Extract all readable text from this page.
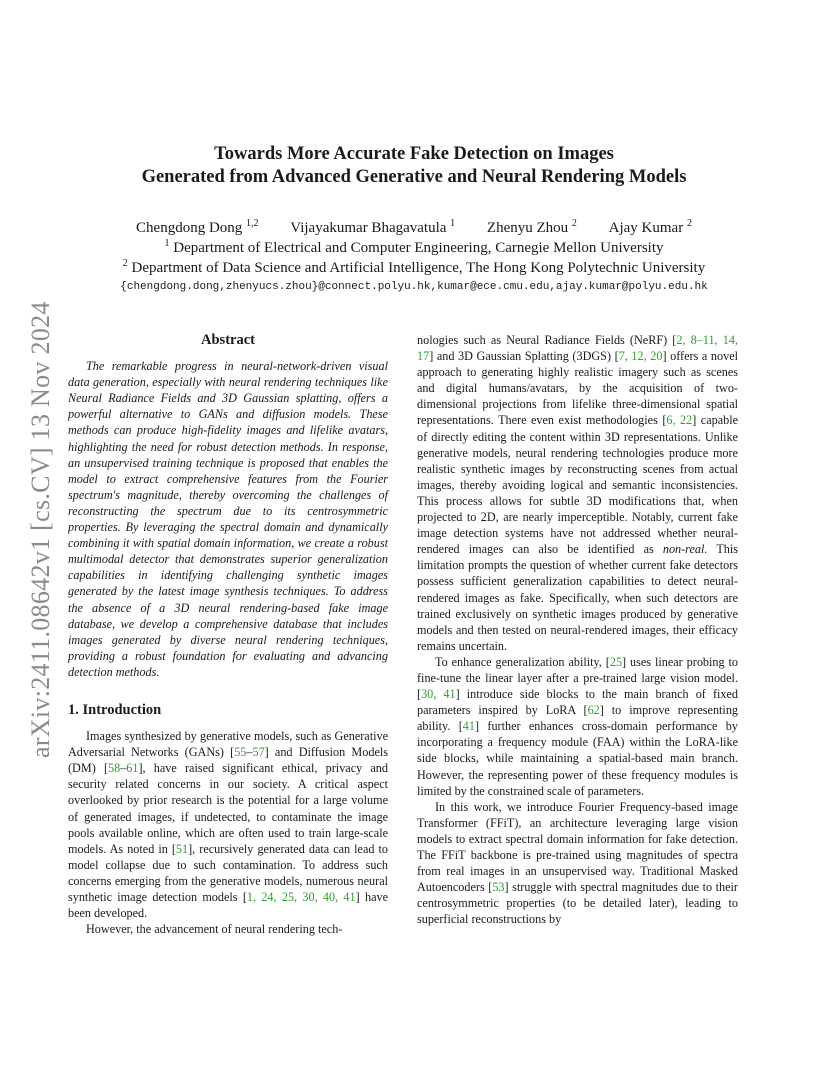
arXiv:2411.08642v1 [cs.CV] 13 Nov 2024
Towards More Accurate Fake Detection on Images
Generated from Advanced Generative and Neural Rendering Models
Chengdong Dong $^{1,2}$ Vijayakumar Bhagavatula $^1$ Zhenyu Zhou $^2$ Ajay Kumar $^2$
$^1$ Department of Electrical and Computer Engineering, Carnegie Mellon University
$^2$ Department of Data Science and Artificial Intelligence, The Hong Kong Polytechnic University
{chengdong.dong,zhenyucs.zhou}@connect.polyu.hk,kumar@ece.cmu.edu,ajay.kumar@polyu.edu.hk
Abstract

The remarkable progress in neural-network-driven visual data generation, especially with neural rendering techniques like Neural Radiance Fields and 3D Gaussian splatting, offers a powerful alternative to GANs and diffusion models. These methods can produce high-fidelity images and lifelike avatars, highlighting the need for robust detection methods. In response, an unsupervised training technique is proposed that enables the model to extract comprehensive features from the Fourier spectrum's magnitude, thereby overcoming the challenges of reconstructing the spectrum due to its centrosymmetric properties. By leveraging the spectral domain and dynamically combining it with spatial domain information, we create a robust multimodal detector that demonstrates superior generalization capabilities in identifying challenging synthetic images generated by the latest image synthesis techniques. To address the absence of a 3D neural rendering-based fake image database, we develop a comprehensive database that includes images generated by diverse neural rendering techniques, providing a robust foundation for evaluating and advancing detection methods.

1. Introduction

Images synthesized by generative models, such as Generative Adversarial Networks (GANs) [55–57] and Diffusion Models (DM) [58–61], have raised significant ethical, privacy and security related concerns in our society. A critical aspect overlooked by prior research is the potential for a large volume of generated images, if undetected, to contaminate the image pools available online, which are often used to train large-scale models. As noted in [51], recursively generated data can lead to model collapse due to such contamination. To address such concerns emerging from the generative models, numerous neural synthetic image detection models [1, 24, 25, 30, 40, 41] have been developed.

However, the advancement of neural rendering tech-

nologies such as Neural Radiance Fields (NeRF) [2, 8–11, 14, 17] and 3D Gaussian Splatting (3DGS) [7, 12, 20] offers a novel approach to generating highly realistic imagery such as scenes and digital humans/avatars, by the acquisition of two-dimensional projections from lifelike three-dimensional spatial representations. There even exist methodologies [6, 22] capable of directly editing the content within 3D representations. Unlike generative models, neural rendering technologies produce more realistic synthetic images by reconstructing scenes from actual images, thereby avoiding logical and semantic inconsistencies. This process allows for subtle 3D modifications that, when projected to 2D, are nearly imperceptible. Notably, current fake image detection systems have not addressed whether neural-rendered images can also be identified as non-real. This limitation prompts the question of whether current fake detectors possess sufficient generalization capabilities to detect neural-rendered images as fake. Specifically, when such detectors are trained exclusively on synthetic images produced by generative models and then tested on neural-rendered images, their efficacy remains uncertain.

To enhance generalization ability, [25] uses linear probing to fine-tune the linear layer after a pre-trained large vision model. [30, 41] introduce side blocks to the main branch of fixed parameters inspired by LoRA [62] to improve representing ability. [41] further enhances cross-domain performance by incorporating a frequency module (FAA) within the LoRA-like side blocks, while maintaining a spatial-based main branch. However, the representing power of these frequency modules is limited by the constrained scale of parameters.

In this work, we introduce Fourier Frequency-based image Transformer (FFiT), an architecture leveraging large vision models to extract spectral domain information for fake detection. The FFiT backbone is pre-trained using magnitudes of spectra from real images in an unsupervised way. Traditional Masked Autoencoders [53] struggle with spectral magnitudes due to their centrosymmetric properties (to be detailed later), leading to superficial reconstructions by
